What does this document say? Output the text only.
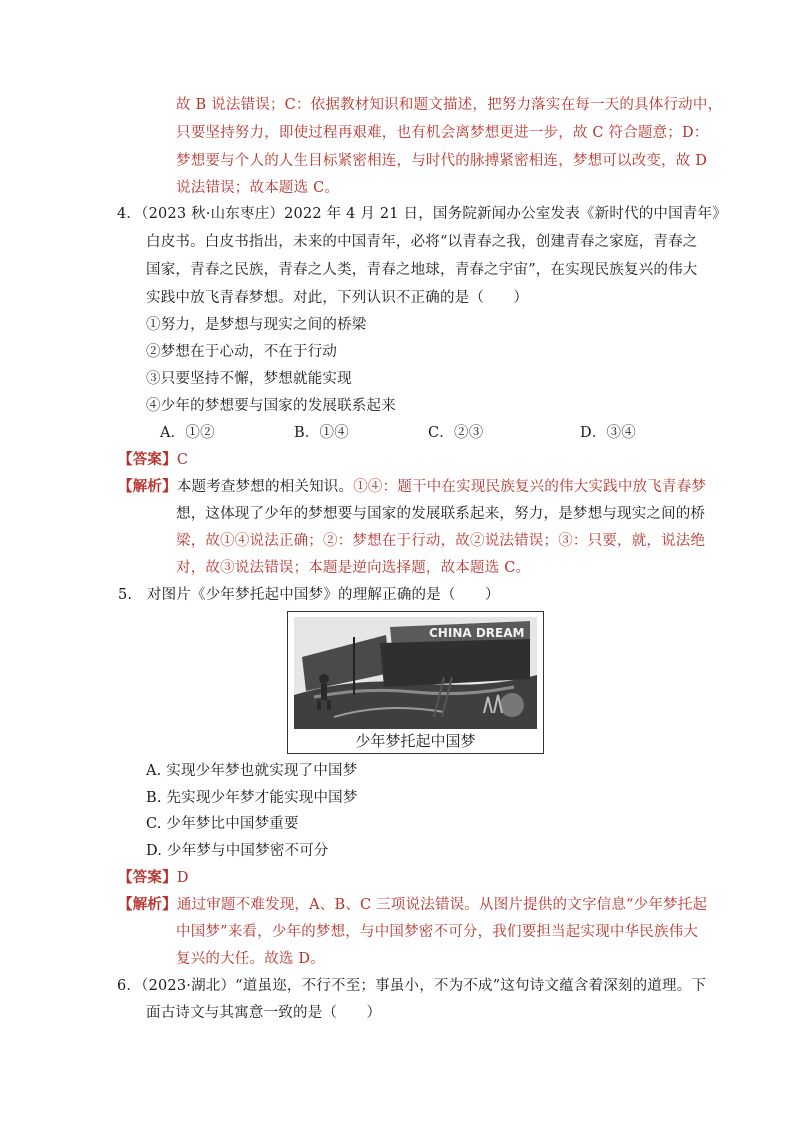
故 B 说法错误；C：依据教材知识和题文描述，把努力落实在每一天的具体行动中，
只要坚持努力，即使过程再艰难，也有机会离梦想更进一步，故 C 符合题意；D：
梦想要与个人的人生目标紧密相连，与时代的脉搏紧密相连，梦想可以改变，故 D
说法错误；故本题选 C。
4．（2023 秋·山东枣庄）2022 年 4 月 21 日，国务院新闻办公室发表《新时代的中国青年》
白皮书。白皮书指出，未来的中国青年，必将“以青春之我，创建青春之家庭，青春之
国家，青春之民族，青春之人类，青春之地球，青春之宇宙”，在实现民族复兴的伟大
实践中放飞青春梦想。对此，下列认识不正确的是（　　）
①努力，是梦想与现实之间的桥梁
②梦想在于心动，不在于行动
③只要坚持不懈，梦想就能实现
④少年的梦想要与国家的发展联系起来
A．①②	B．①④	C．②③	D．③④
【答案】C
【解析】本题考查梦想的相关知识。①④：题干中在实现民族复兴的伟大实践中放飞青春梦
想，这体现了少年的梦想要与国家的发展联系起来，努力，是梦想与现实之间的桥
梁，故①④说法正确；②：梦想在于行动，故②说法错误；③：只要，就，说法绝
对，故③说法错误；本题是逆向选择题，故本题选 C。
5.　对图片《少年梦托起中国梦》的理解正确的是（　　）
CHINA DREAM
少年梦托起中国梦
A. 实现少年梦也就实现了中国梦
B. 先实现少年梦才能实现中国梦
C. 少年梦比中国梦重要
D. 少年梦与中国梦密不可分
【答案】D
【解析】通过审题不难发现，A、B、C 三项说法错误。从图片提供的文字信息“少年梦托起
中国梦”来看，少年的梦想，与中国梦密不可分，我们要担当起实现中华民族伟大
复兴的大任。故选 D。
6．（2023·湖北）“道虽迩，不行不至；事虽小，不为不成”这句诗文蕴含着深刻的道理。下
面古诗文与其寓意一致的是（　　）
